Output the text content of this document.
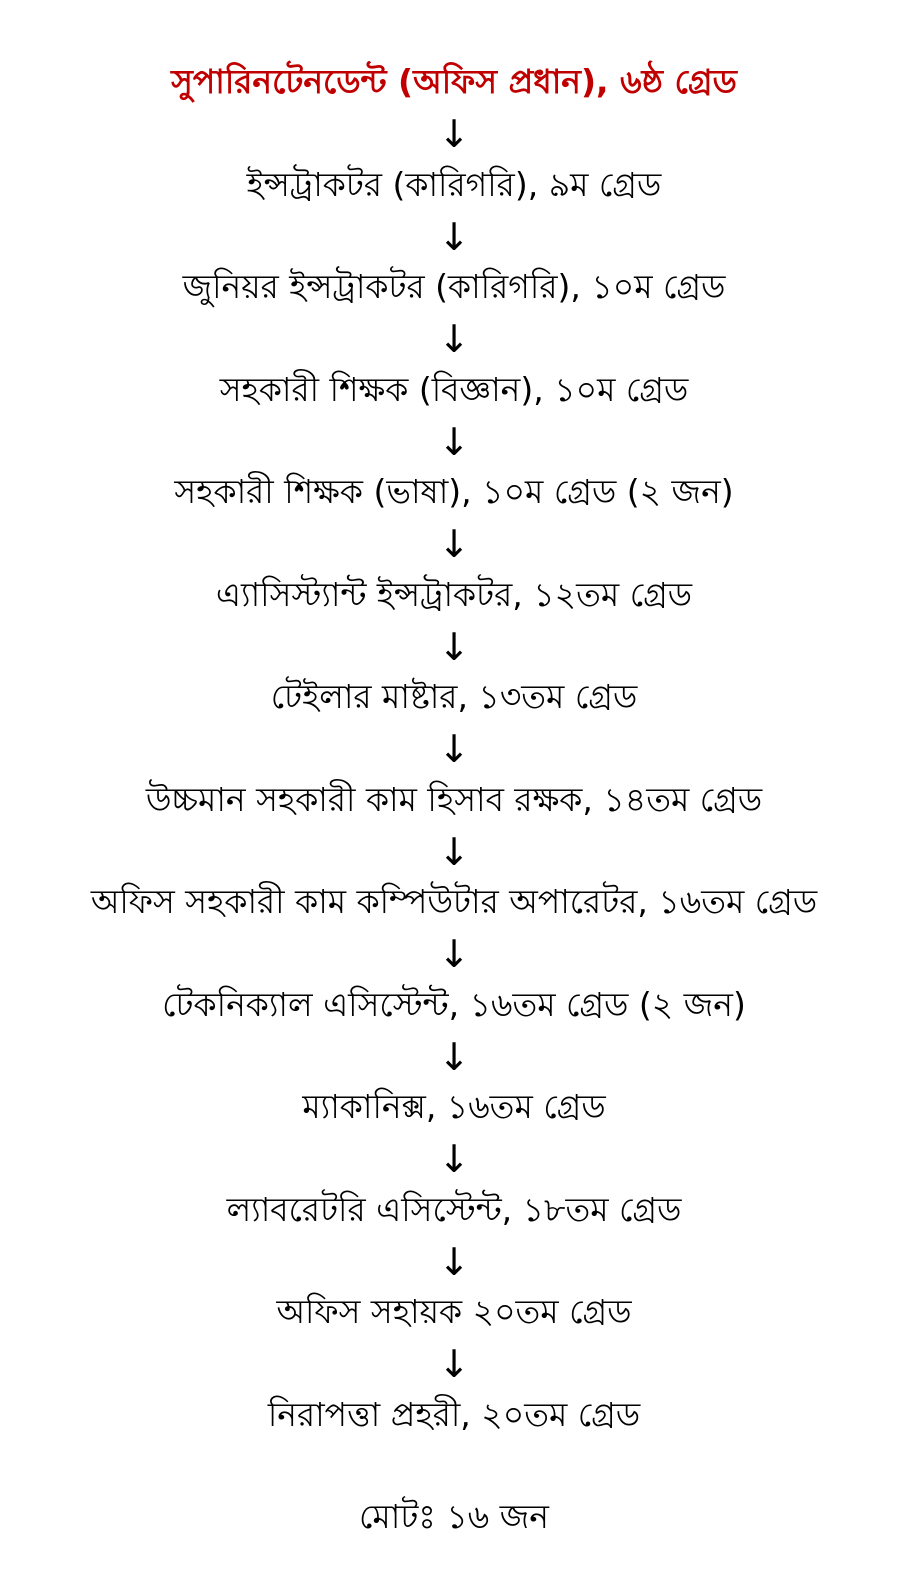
সুপারিনটেনডেন্ট (অফিস প্রধান), ৬ষ্ঠ গ্রেড
↓
ইন্সট্রাকটর (কারিগরি), ৯ম গ্রেড
↓
জুনিয়র ইন্সট্রাকটর (কারিগরি), ১০ম গ্রেড
↓
সহকারী শিক্ষক (বিজ্ঞান), ১০ম গ্রেড
↓
সহকারী শিক্ষক (ভাষা), ১০ম গ্রেড (২ জন)
↓
এ্যাসিস্ট্যান্ট ইন্সট্রাকটর, ১২তম গ্রেড
↓
টেইলার মাষ্টার, ১৩তম গ্রেড
↓
উচ্চমান সহকারী কাম হিসাব রক্ষক, ১৪তম গ্রেড
↓
অফিস সহকারী কাম কম্পিউটার অপারেটর, ১৬তম গ্রেড
↓
টেকনিক্যাল এসিস্টেন্ট, ১৬তম গ্রেড (২ জন)
↓
ম্যাকানিক্স, ১৬তম গ্রেড
↓
ল্যাবরেটরি এসিস্টেন্ট, ১৮তম গ্রেড
↓
অফিস সহায়ক ২০তম গ্রেড
↓
নিরাপত্তা প্রহরী, ২০তম গ্রেড
মোটঃ ১৬ জন
